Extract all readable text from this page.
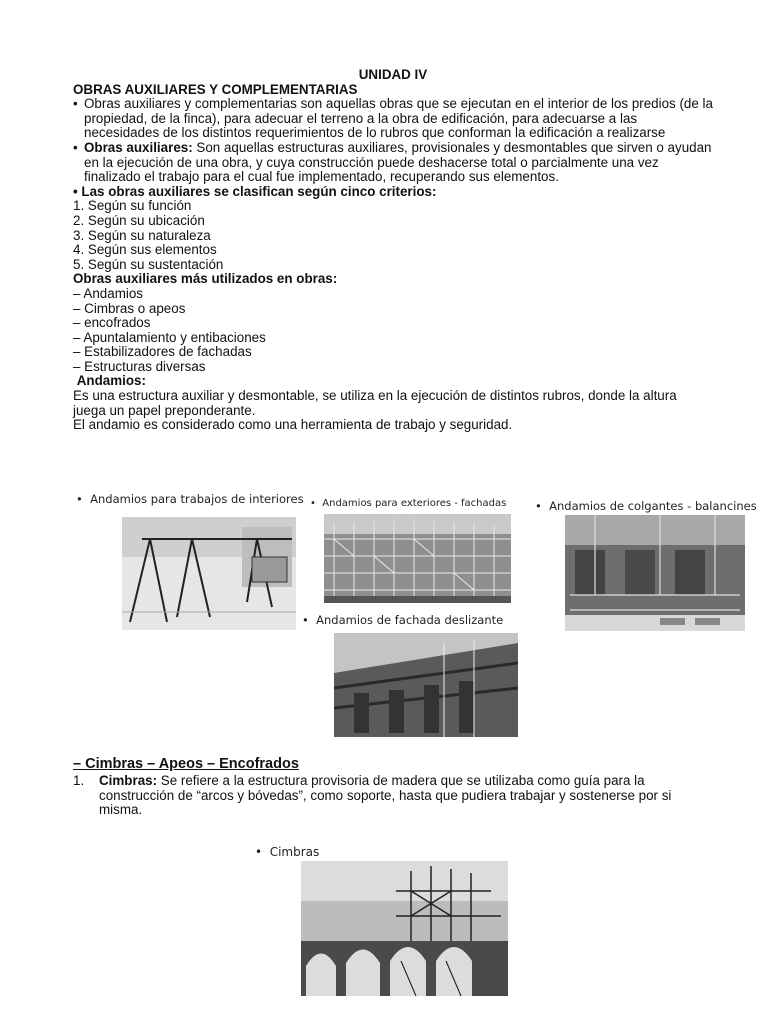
UNIDAD IV
OBRAS AUXILIARES Y COMPLEMENTARIAS
• Obras auxiliares y complementarias son aquellas obras que se ejecutan en el interior de los predios (de la propiedad, de la finca), para adecuar el terreno a la obra de edificación, para adecuarse a las necesidades de los distintos requerimientos de lo rubros que conforman la edificación a realizarse
• Obras auxiliares: Son aquellas estructuras auxiliares, provisionales y desmontables que sirven o ayudan en la ejecución de una obra, y cuya construcción puede deshacerse total o parcialmente una vez finalizado el trabajo para el cual fue implementado, recuperando sus elementos.
• Las obras auxiliares se clasifican según cinco criterios:
1. Según su función
2. Según su ubicación
3. Según su naturaleza
4. Según sus elementos
5. Según su sustentación
Obras auxiliares más utilizados en obras:
– Andamios
– Cimbras o apeos
– encofrados
– Apuntalamiento y entibaciones
– Estabilizadores de fachadas
– Estructuras diversas
Andamios:
Es una estructura auxiliar y desmontable, se utiliza en la ejecución de distintos rubros, donde la altura juega un papel preponderante.
El andamio es considerado como una herramienta de trabajo y seguridad.
•  Andamios para trabajos de interiores •  Andamios para exteriores - fachadas •  Andamios de colgantes - balancines
•  Andamios de fachada deslizante
•  Cimbras
– Cimbras – Apeos – Encofrados
1.	Cimbras: Se refiere a la estructura provisoria de madera que se utilizaba como guía para la construcción de “arcos y bóvedas”, como soporte, hasta que pudiera trabajar y sostenerse por si misma.
